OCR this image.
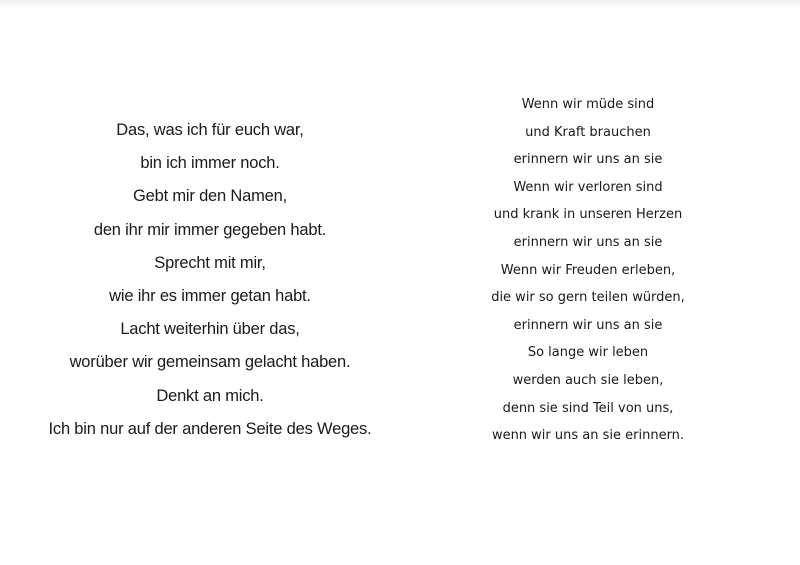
Das, was ich für euch war,
bin ich immer noch.
Gebt mir den Namen,
den ihr mir immer gegeben habt.
Sprecht mit mir,
wie ihr es immer getan habt.
Lacht weiterhin über das,
worüber wir gemeinsam gelacht haben.
Denkt an mich.
Ich bin nur auf der anderen Seite des Weges.
Wenn wir müde sind
und Kraft brauchen
erinnern wir uns an sie
Wenn wir verloren sind
und krank in unseren Herzen
erinnern wir uns an sie
Wenn wir Freuden erleben,
die wir so gern teilen würden,
erinnern wir uns an sie
So lange wir leben
werden auch sie leben,
denn sie sind Teil von uns,
wenn wir uns an sie erinnern.
